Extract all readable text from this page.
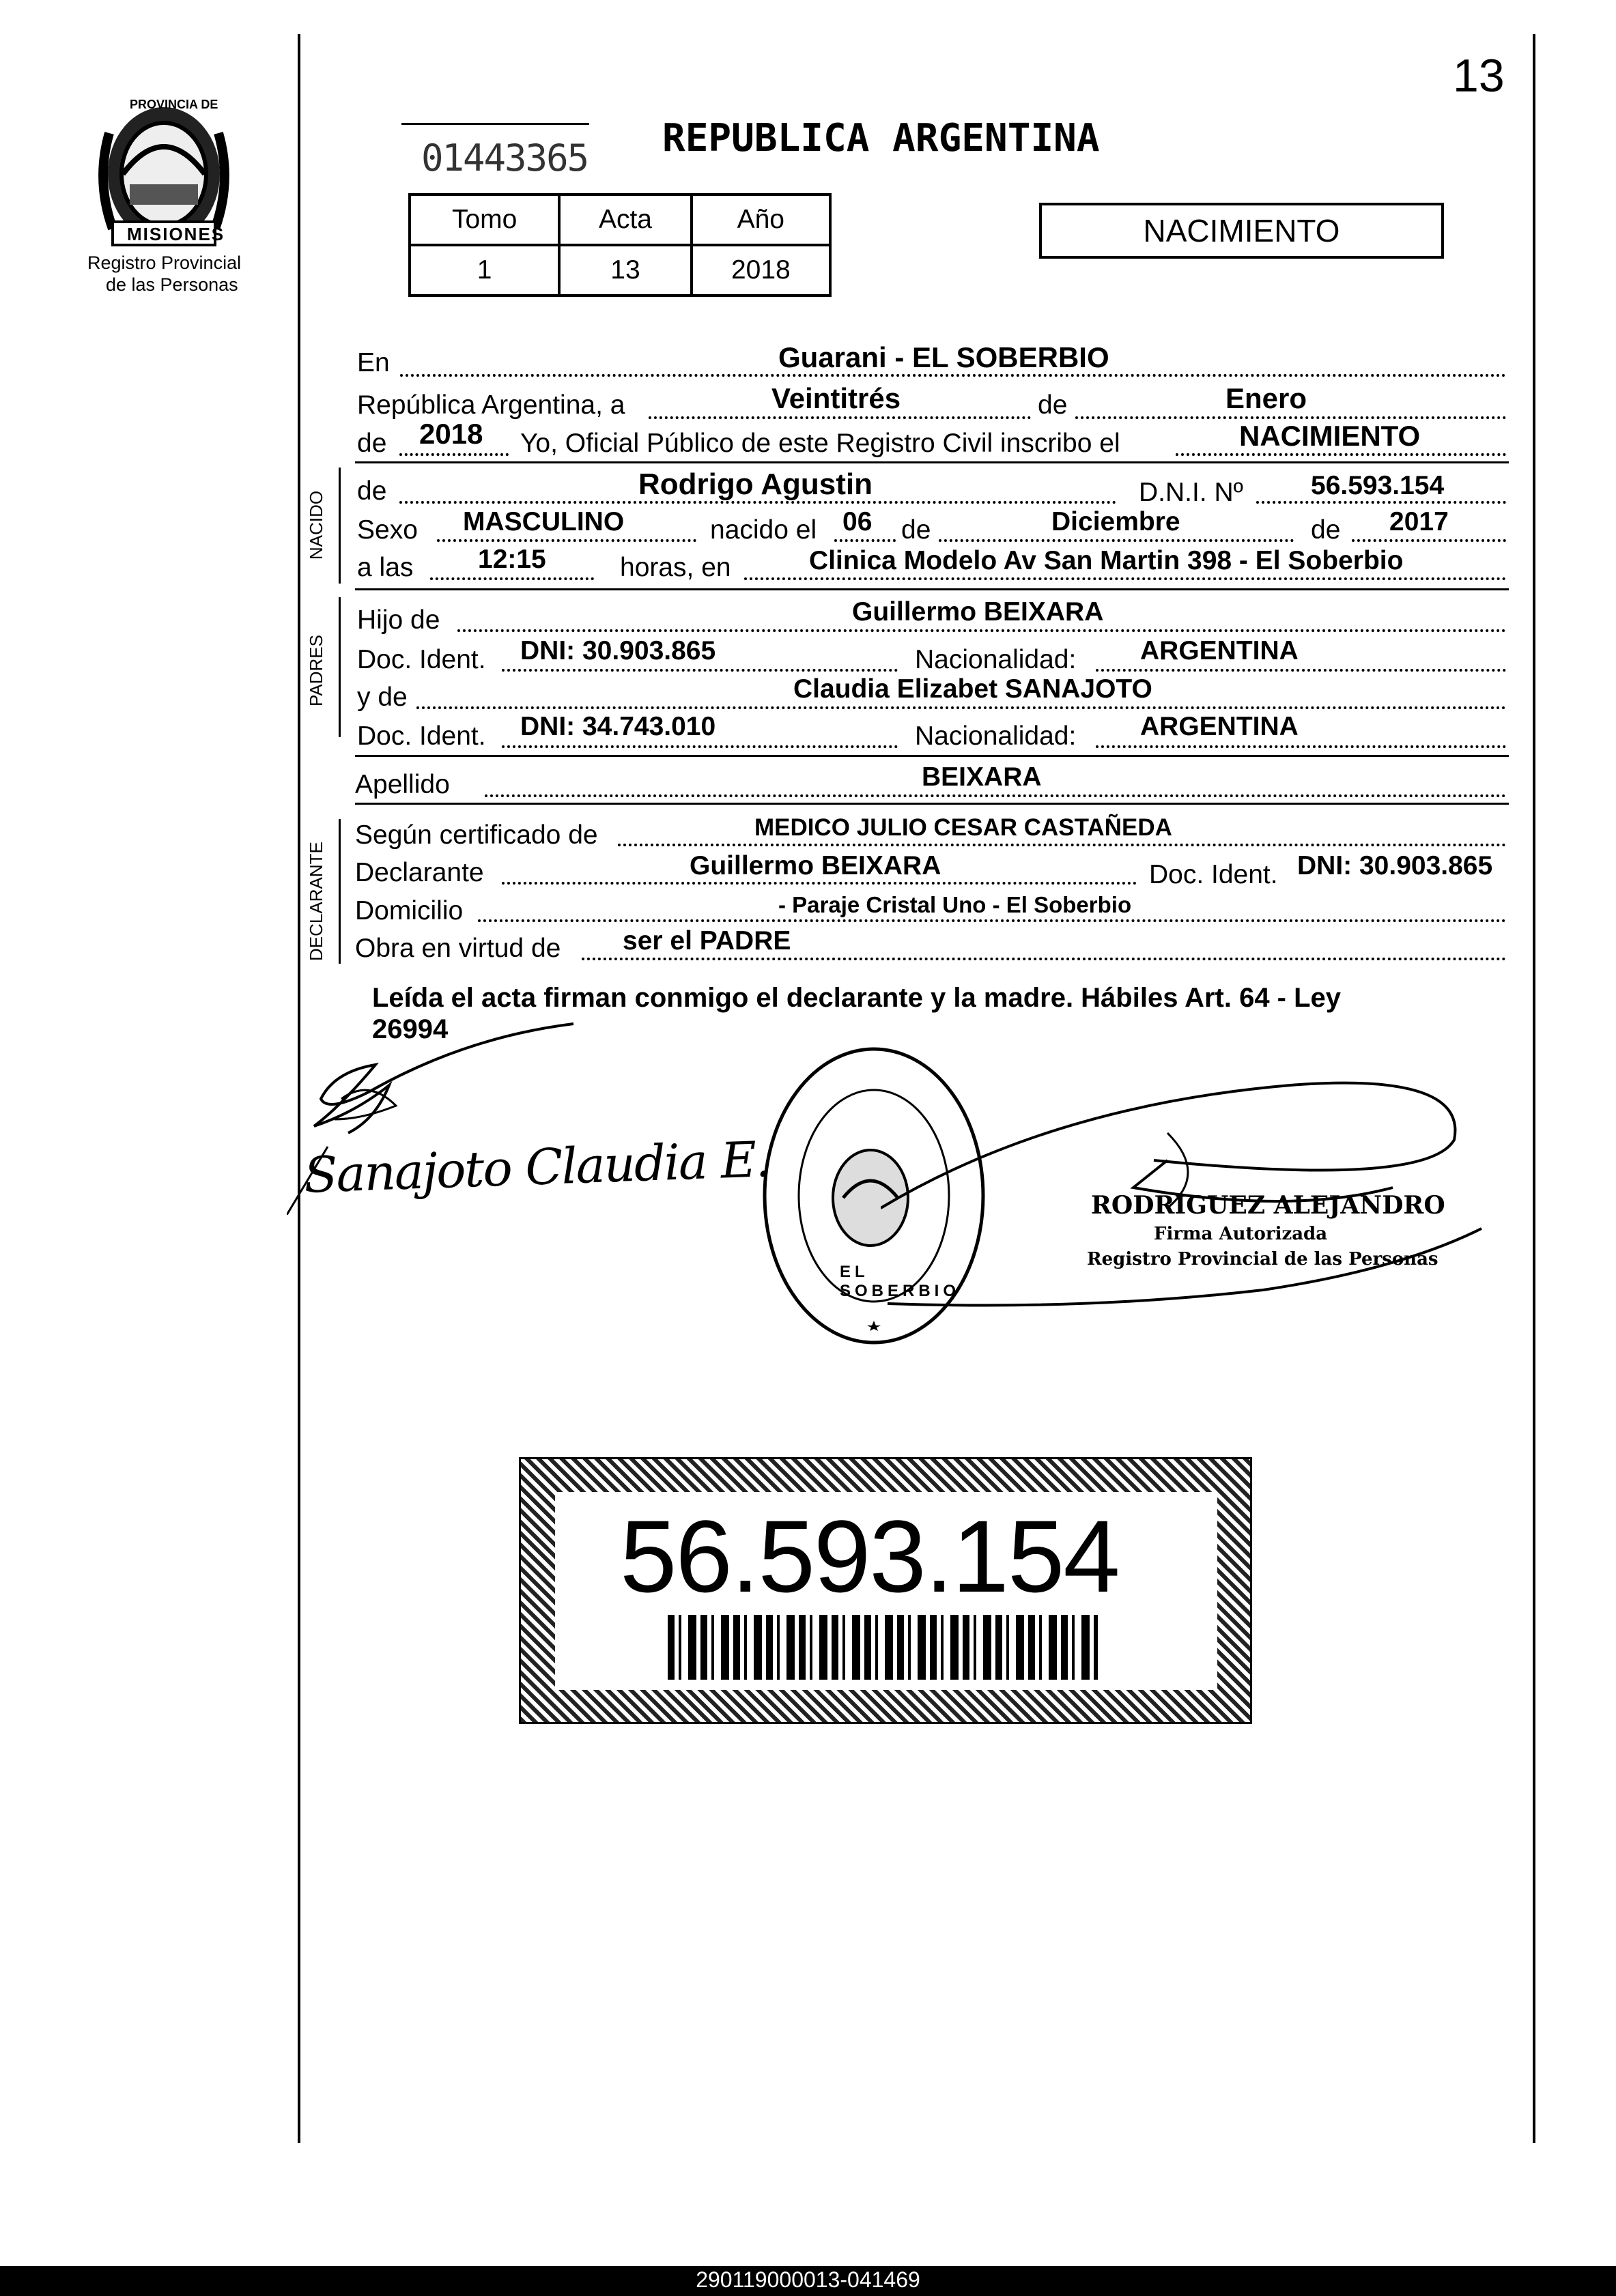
13
PROVINCIA DE
MISIONES
Registro Provincial
de las Personas
01443365 REPUBLICA ARGENTINA
Tomo	Acta	Año
1	13	2018
NACIMIENTO
En	Guarani - EL SOBERBIO
República Argentina, a	Veintitrés	de	Enero
de 2018 Yo, Oficial Público de este Registro Civil inscribo el	NACIMIENTO
NACIDO de	Rodrigo Agustin	D.N.I. Nº	56.593.154
Sexo MASCULINO	nacido el 06 de	Diciembre	de 2017
a las 12:15	horas, en	Clinica Modelo Av San Martin 398 - El Soberbio
PADRES
Hijo de	Guillermo BEIXARA
Doc. Ident. DNI: 30.903.865	Nacionalidad: ARGENTINA
y de	Claudia Elizabet SANAJOTO
Doc. Ident. DNI: 34.743.010	Nacionalidad: ARGENTINA
Apellido	BEIXARA
DECLARANTE
Según certificado de	MEDICO JULIO CESAR CASTAÑEDA
Declarante	Guillermo BEIXARA	Doc. Ident. DNI: 30.903.865
Domicilio	- Paraje Cristal Uno - El Soberbio
Obra en virtud de ser el PADRE
Leída el acta firman conmigo el declarante y la madre. Hábiles Art. 64 - Ley
26994
Sanajoto Claudia E.
EL SOBERBIO
RODRIGUEZ ALEJANDRO
Firma Autorizada
Registro Provincial de las Personas
56.593.154
290119000013-041469
